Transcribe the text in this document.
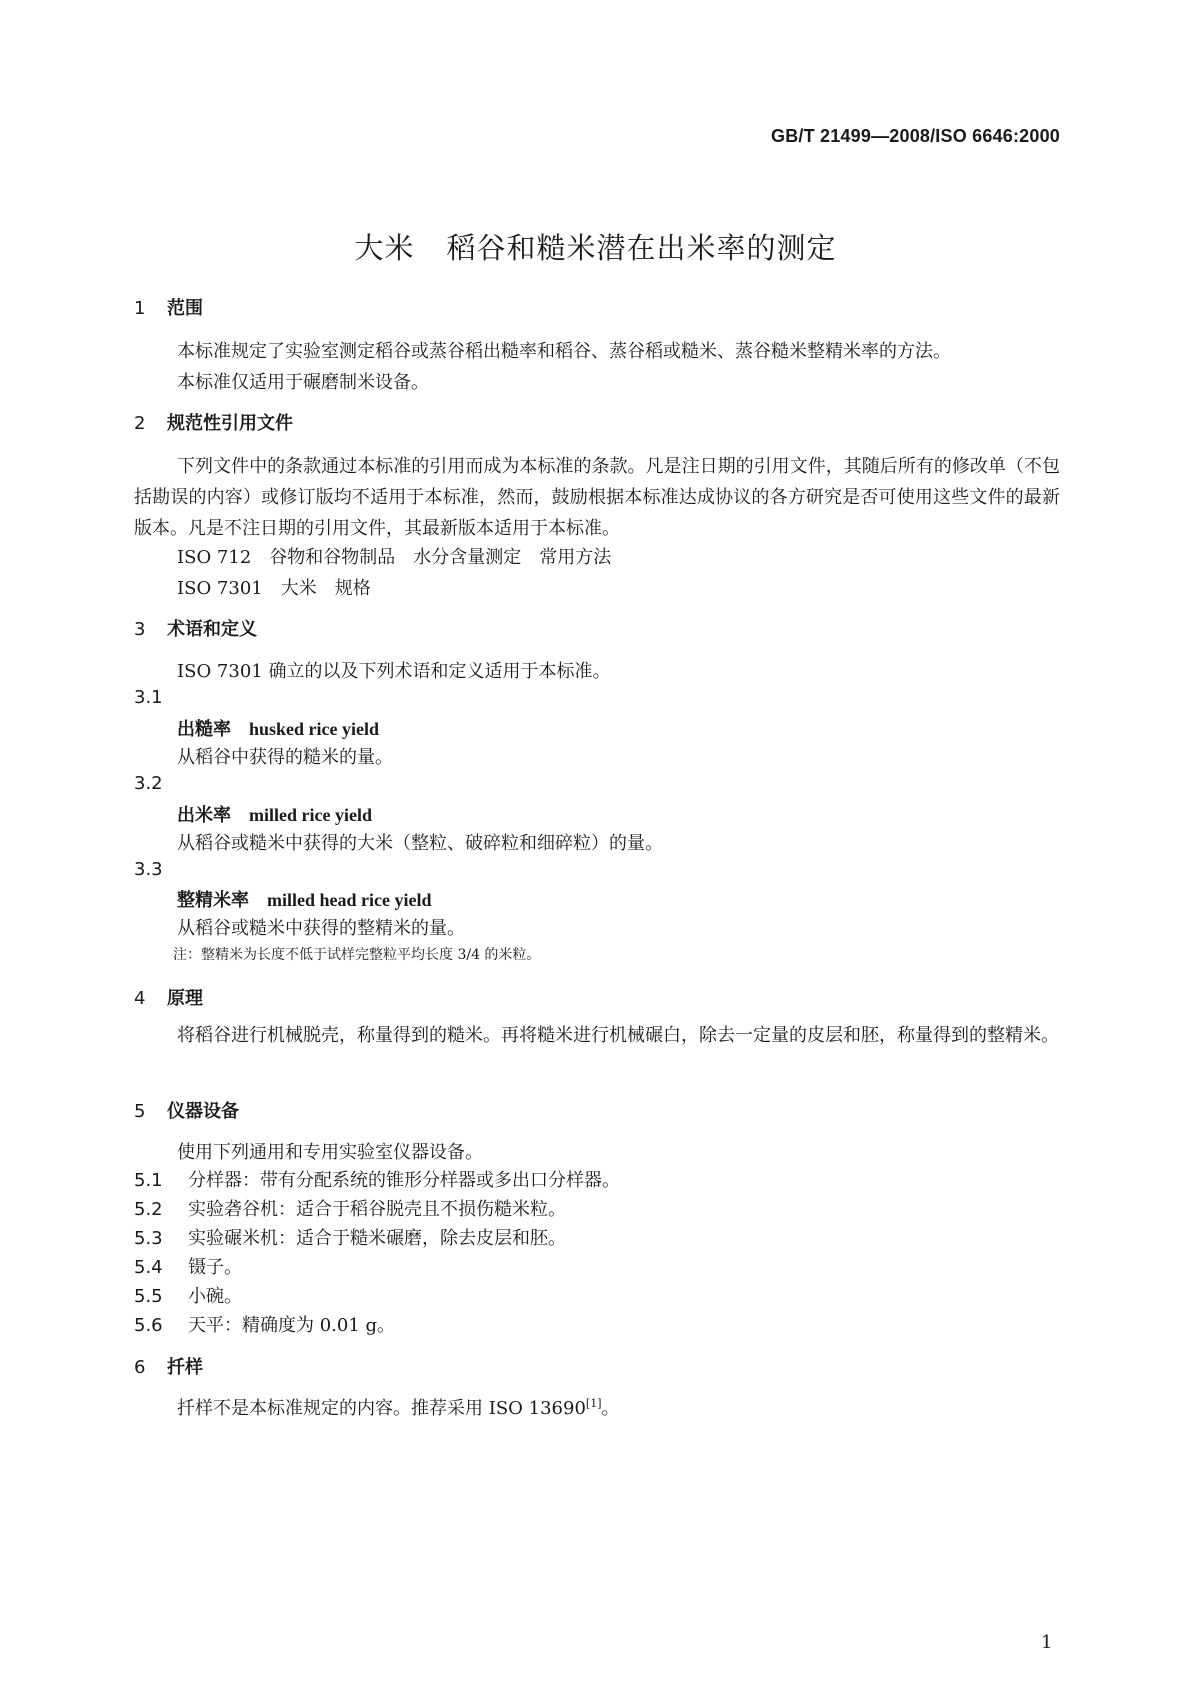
GB/T 21499—2008/ISO 6646:2000
大米 稻谷和糙米潜在出米率的测定
1 范围
本标准规定了实验室测定稻谷或蒸谷稻出糙率和稻谷、蒸谷稻或糙米、蒸谷糙米整精米率的方法。
本标准仅适用于碾磨制米设备。
2 规范性引用文件
下列文件中的条款通过本标准的引用而成为本标准的条款。凡是注日期的引用文件，其随后所有的修改单（不包括勘误的内容）或修订版均不适用于本标准，然而，鼓励根据本标准达成协议的各方研究是否可使用这些文件的最新版本。凡是不注日期的引用文件，其最新版本适用于本标准。
ISO 712 谷物和谷物制品 水分含量测定 常用方法
ISO 7301 大米 规格
3 术语和定义
ISO 7301 确立的以及下列术语和定义适用于本标准。
3.1
出糙率 husked rice yield
从稻谷中获得的糙米的量。
3.2
出米率 milled rice yield
从稻谷或糙米中获得的大米（整粒、破碎粒和细碎粒）的量。
3.3
整精米率 milled head rice yield
从稻谷或糙米中获得的整精米的量。
注：整精米为长度不低于试样完整粒平均长度 3/4 的米粒。
4 原理
将稻谷进行机械脱壳，称量得到的糙米。再将糙米进行机械碾白，除去一定量的皮层和胚，称量得到的整精米。
5 仪器设备
使用下列通用和专用实验室仪器设备。
5.1 分样器：带有分配系统的锥形分样器或多出口分样器。
5.2 实验砻谷机：适合于稻谷脱壳且不损伤糙米粒。
5.3 实验碾米机：适合于糙米碾磨，除去皮层和胚。
5.4 镊子。
5.5 小碗。
5.6 天平：精确度为 0.01 g。
6 扦样
扦样不是本标准规定的内容。推荐采用 ISO 13690[1]。
1
